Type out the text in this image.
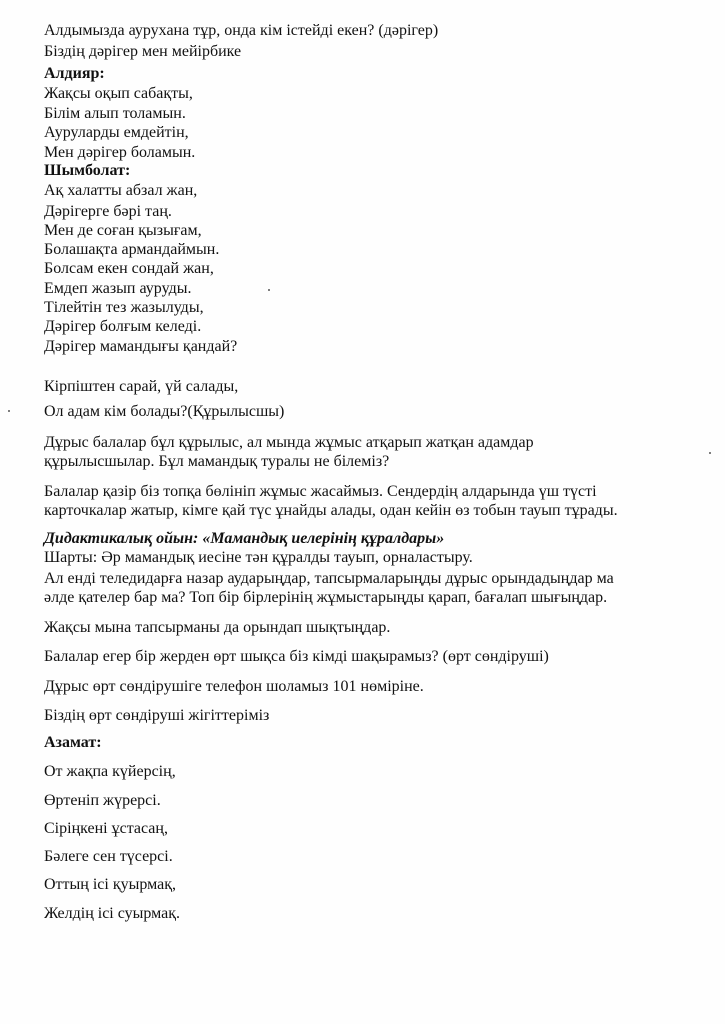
Алдымызда аурухана тұр, онда кім істейді екен? (дәрігер)
Біздің дәрігер мен мейірбике
Алдияр:
Жақсы оқып сабақты,
Білім алып толамын.
Ауруларды емдейтін,
Мен дәрігер боламын.
Шымболат:
Ақ халатты абзал жан,
Дәрігерге бәрі таң.
Мен де соған қызығам,
Болашақта армандаймын.
Болсам екен сондай жан,
Емдеп жазып ауруды.
Тілейтін тез жазылуды,
Дәрігер болғым келеді.
Дәрігер мамандығы қандай?
Кірпіштен сарай, үй салады,
Ол адам кім болады?(Құрылысшы)
Дұрыс балалар бұл құрылыс, ал мында жұмыс атқарып жатқан адамдар
құрылысшылар. Бұл мамандық туралы не білеміз?
Балалар қазір біз топқа бөлініп жұмыс жасаймыз. Сендердің алдарында үш түсті
карточкалар жатыр, кімге қай түс ұнайды алады, одан кейін өз тобын тауып тұрады.
Дидактикалық ойын: «Мамандық иелерінің құралдары»
Шарты: Әр мамандық иесіне тән құралды тауып, орналастыру.
Ал енді теледидарға назар аударыңдар, тапсырмаларыңды дұрыс орындадыңдар ма
әлде қателер бар ма? Топ бір бірлерінің жұмыстарыңды қарап, бағалап шығыңдар.
Жақсы мына тапсырманы да орындап шықтыңдар.
Балалар егер бір жерден өрт шықса біз кімді шақырамыз? (өрт сөндіруші)
Дұрыс өрт сөндірушіге телефон шоламыз 101 нөміріне.
Біздің өрт сөндіруші жігіттеріміз
Азамат:
От жақпа күйерсің,
Өртеніп жүрерсі.
Сіріңкені ұстасаң,
Бәлеге сен түсерсі.
Оттың ісі қуырмақ,
Желдің ісі суырмақ.
